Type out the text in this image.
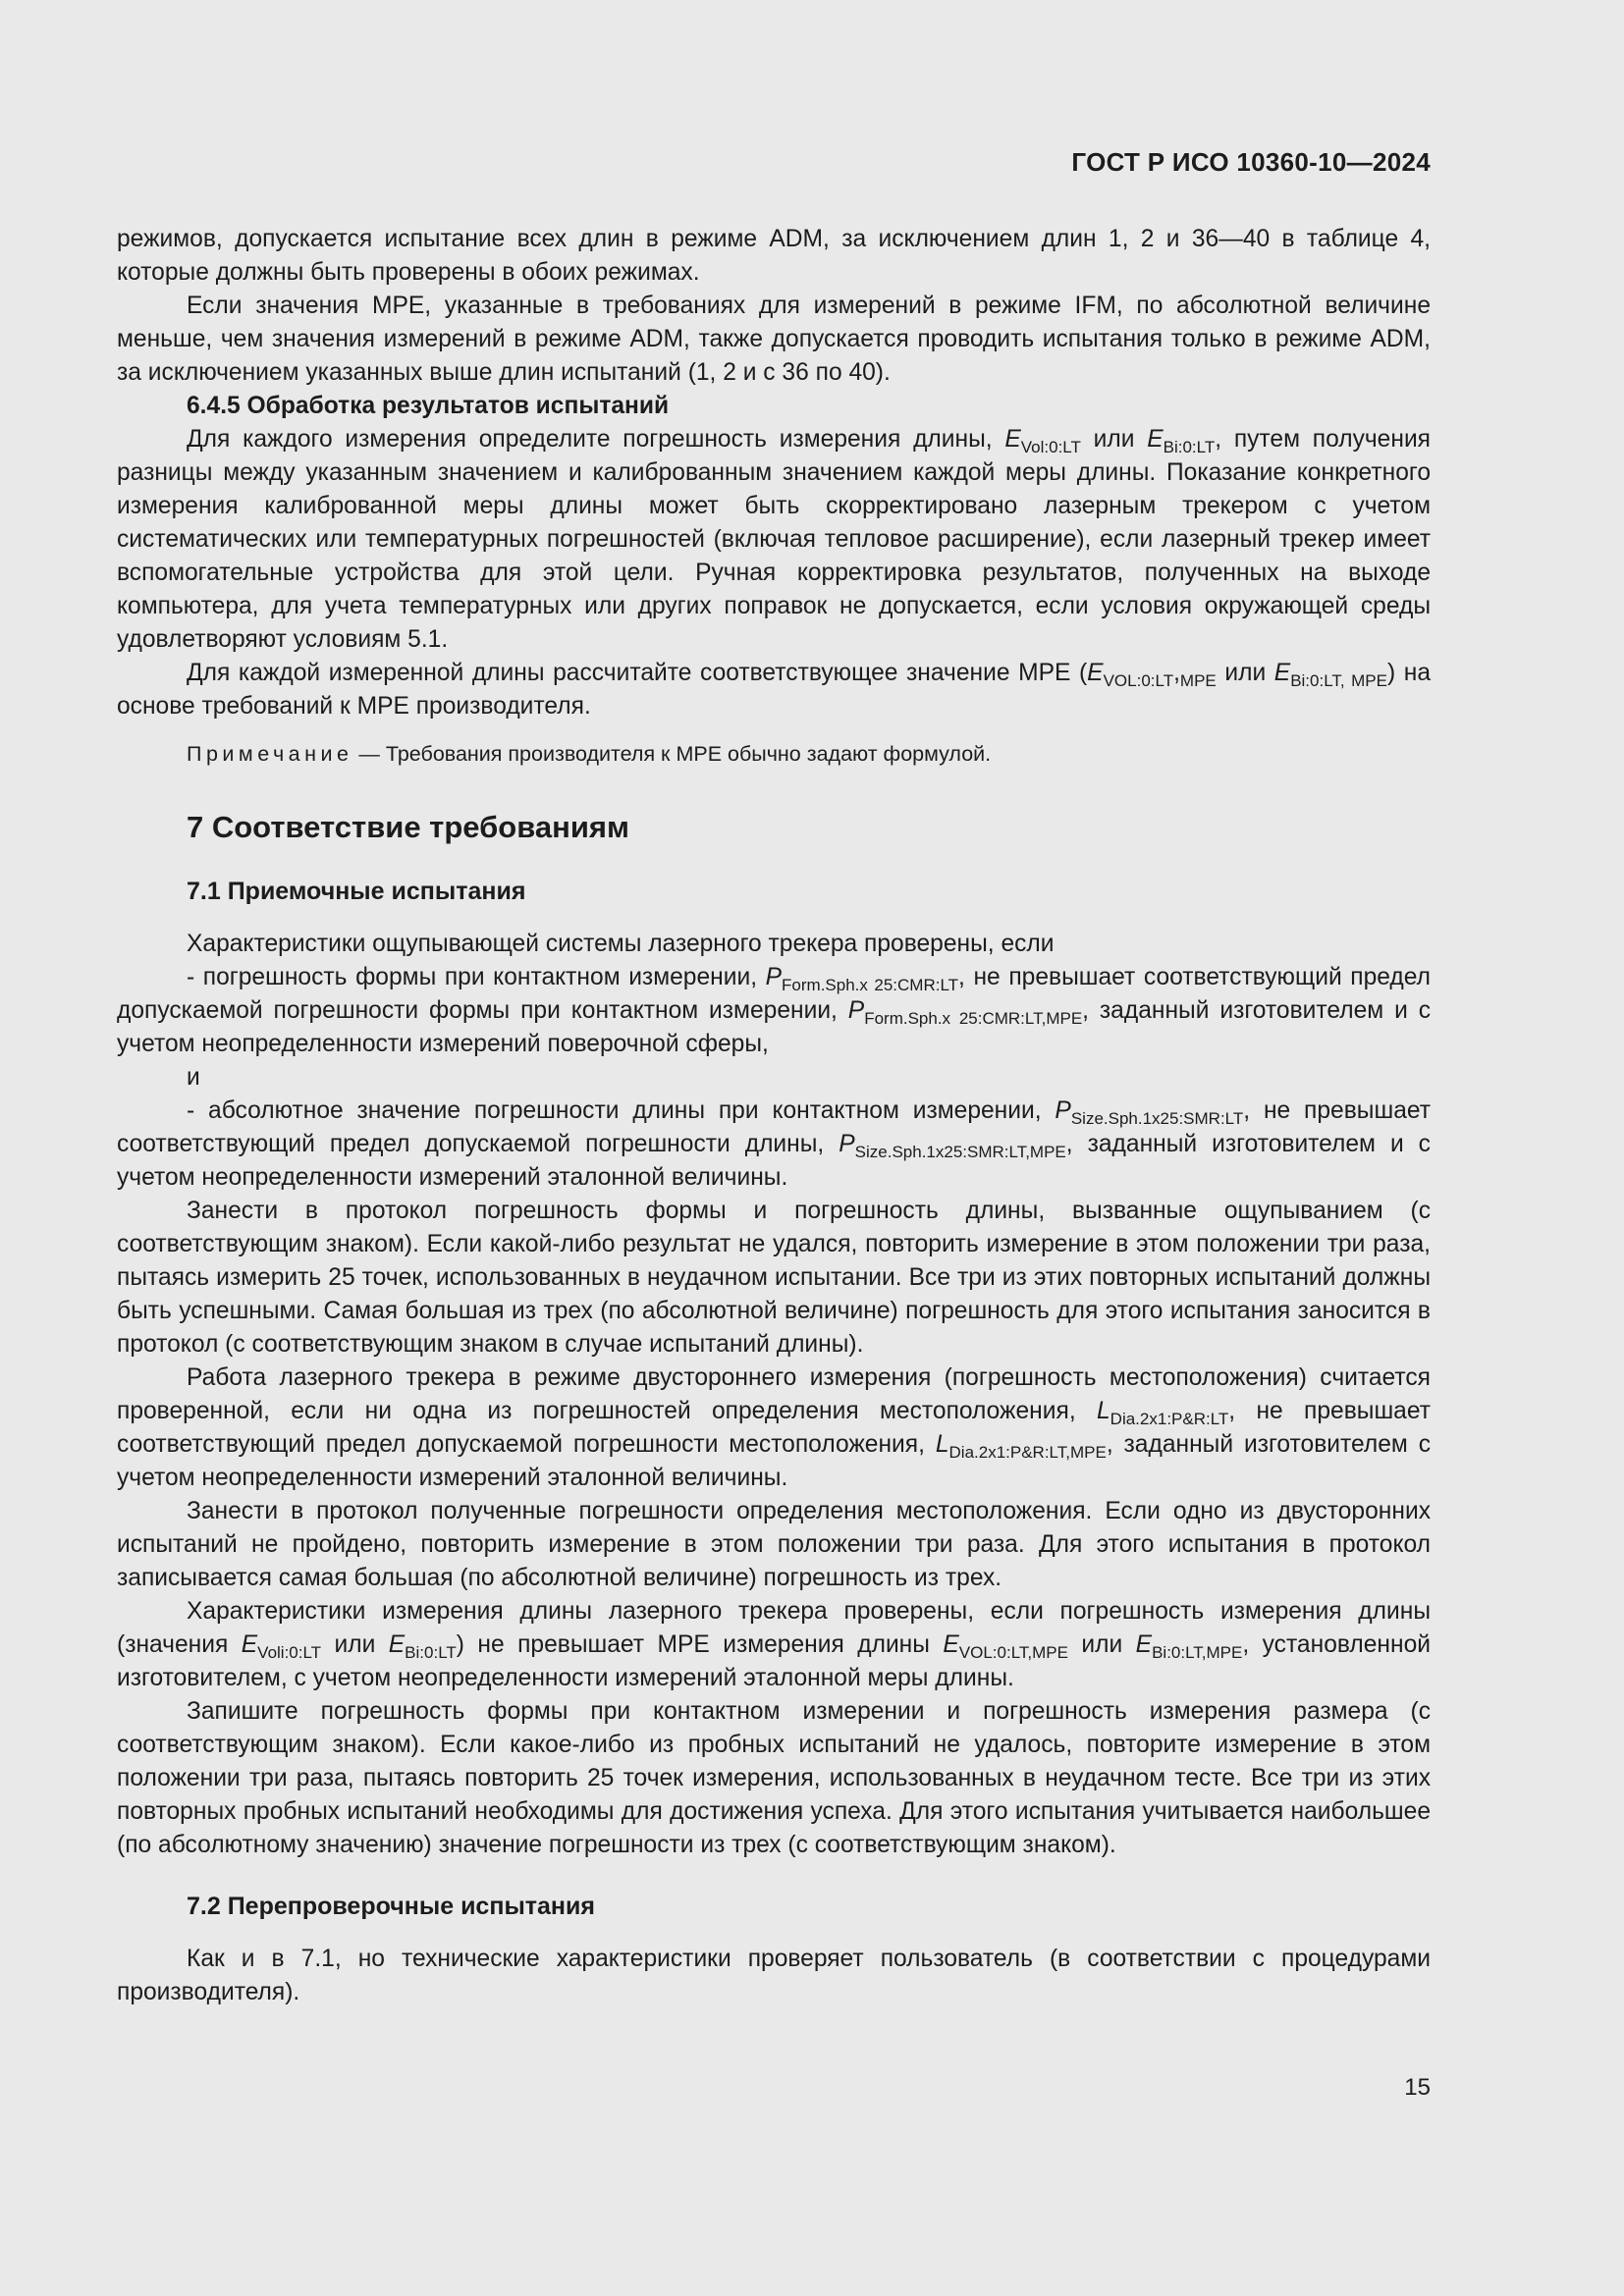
ГОСТ Р ИСО 10360-10—2024

режимов, допускается испытание всех длин в режиме ADM, за исключением длин 1, 2 и 36—40 в таблице 4, которые должны быть проверены в обоих режимах.

Если значения MPE, указанные в требованиях для измерений в режиме IFM, по абсолютной величине меньше, чем значения измерений в режиме ADM, также допускается проводить испытания только в режиме ADM, за исключением указанных выше длин испытаний (1, 2 и с 36 по 40).

6.4.5 Обработка результатов испытаний

Для каждого измерения определите погрешность измерения длины, $E_{Vol:0:LT}$ или $E_{Bi:0:LT}$, путем получения разницы между указанным значением и калиброванным значением каждой меры длины. Показание конкретного измерения калиброванной меры длины может быть скорректировано лазерным трекером с учетом систематических или температурных погрешностей (включая тепловое расширение), если лазерный трекер имеет вспомогательные устройства для этой цели. Ручная корректировка результатов, полученных на выходе компьютера, для учета температурных или других поправок не допускается, если условия окружающей среды удовлетворяют условиям 5.1.

Для каждой измеренной длины рассчитайте соответствующее значение MPE ($E_{VOL:0:LT},_{MPE}$ или $E_{Bi:0:LT, MPE}$) на основе требований к MPE производителя.

Примечание — Требования производителя к MPE обычно задают формулой.

7 Соответствие требованиям

7.1 Приемочные испытания

Характеристики ощупывающей системы лазерного трекера проверены, если

- погрешность формы при контактном измерении, $P_{Form.Sph.x 25:CMR:LT}$, не превышает соответствующий предел допускаемой погрешности формы при контактном измерении, $P_{Form.Sph.x 25:CMR:LT,MPE}$, заданный изготовителем и с учетом неопределенности измерений поверочной сферы,

и

- абсолютное значение погрешности длины при контактном измерении, $P_{Size.Sph.1x25:SMR:LT}$, не превышает соответствующий предел допускаемой погрешности длины, $P_{Size.Sph.1x25:SMR:LT,MPE}$, заданный изготовителем и с учетом неопределенности измерений эталонной величины.

Занести в протокол погрешность формы и погрешность длины, вызванные ощупыванием (с соответствующим знаком). Если какой-либо результат не удался, повторить измерение в этом положении три раза, пытаясь измерить 25 точек, использованных в неудачном испытании. Все три из этих повторных испытаний должны быть успешными. Самая большая из трех (по абсолютной величине) погрешность для этого испытания заносится в протокол (с соответствующим знаком в случае испытаний длины).

Работа лазерного трекера в режиме двустороннего измерения (погрешность местоположения) считается проверенной, если ни одна из погрешностей определения местоположения, $L_{Dia.2x1:P\&R:LT}$, не превышает соответствующий предел допускаемой погрешности местоположения, $L_{Dia.2x1:P\&R:LT,MPE}$, заданный изготовителем с учетом неопределенности измерений эталонной величины.

Занести в протокол полученные погрешности определения местоположения. Если одно из двусторонних испытаний не пройдено, повторить измерение в этом положении три раза. Для этого испытания в протокол записывается самая большая (по абсолютной величине) погрешность из трех.

Характеристики измерения длины лазерного трекера проверены, если погрешность измерения длины (значения $E_{Voli:0:LT}$ или $E_{Bi:0:LT}$) не превышает MPE измерения длины $E_{VOL:0:LT,MPE}$ или $E_{Bi:0:LT,MPE}$, установленной изготовителем, с учетом неопределенности измерений эталонной меры длины.

Запишите погрешность формы при контактном измерении и погрешность измерения размера (с соответствующим знаком). Если какое-либо из пробных испытаний не удалось, повторите измерение в этом положении три раза, пытаясь повторить 25 точек измерения, использованных в неудачном тесте. Все три из этих повторных пробных испытаний необходимы для достижения успеха. Для этого испытания учитывается наибольшее (по абсолютному значению) значение погрешности из трех (с соответствующим знаком).

7.2 Перепроверочные испытания

Как и в 7.1, но технические характеристики проверяет пользователь (в соответствии с процедурами производителя).

15
